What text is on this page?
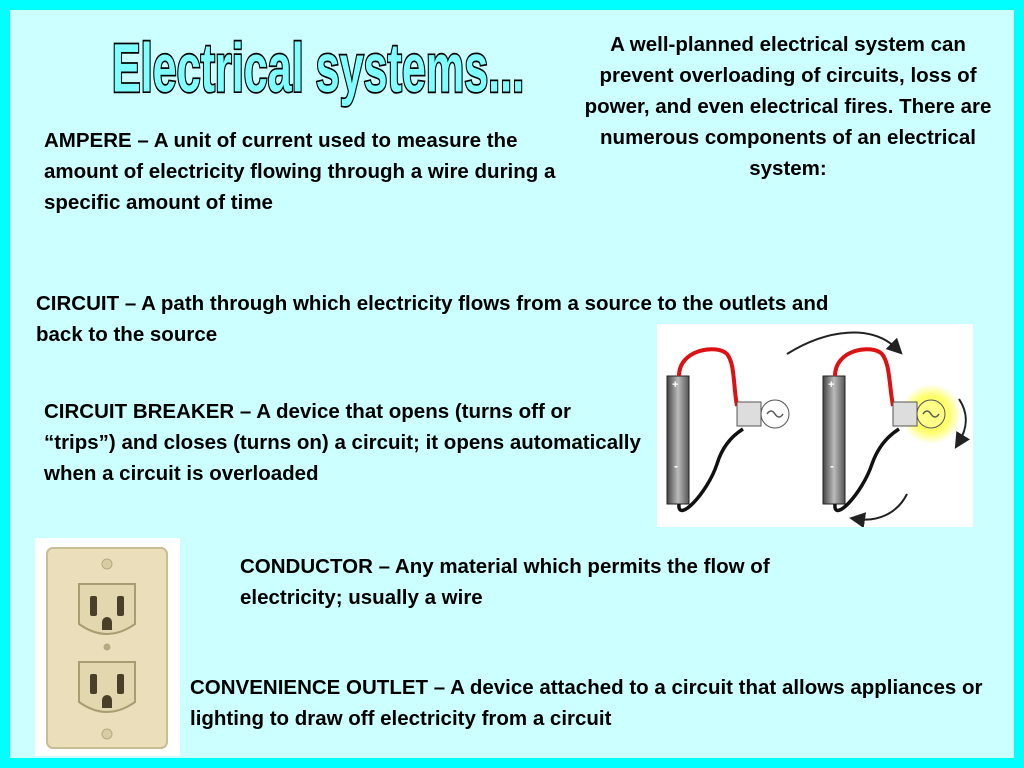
Electrical systems...	A well-planned electrical system can prevent overloading of circuits, loss of power, and even electrical fires. There are numerous components of an electrical system:

AMPERE – A unit of current used to measure the amount of electricity flowing through a wire during a specific amount of time

CIRCUIT – A path through which electricity flows from a source to the outlets and back to the source

CIRCUIT BREAKER – A device that opens (turns off or “trips”) and closes (turns on) a circuit; it opens automatically when a circuit is overloaded

CONDUCTOR – Any material which permits the flow of electricity; usually a wire

CONVENIENCE OUTLET – A device attached to a circuit that allows appliances or lighting to draw off electricity from a circuit

+
-
+
-
